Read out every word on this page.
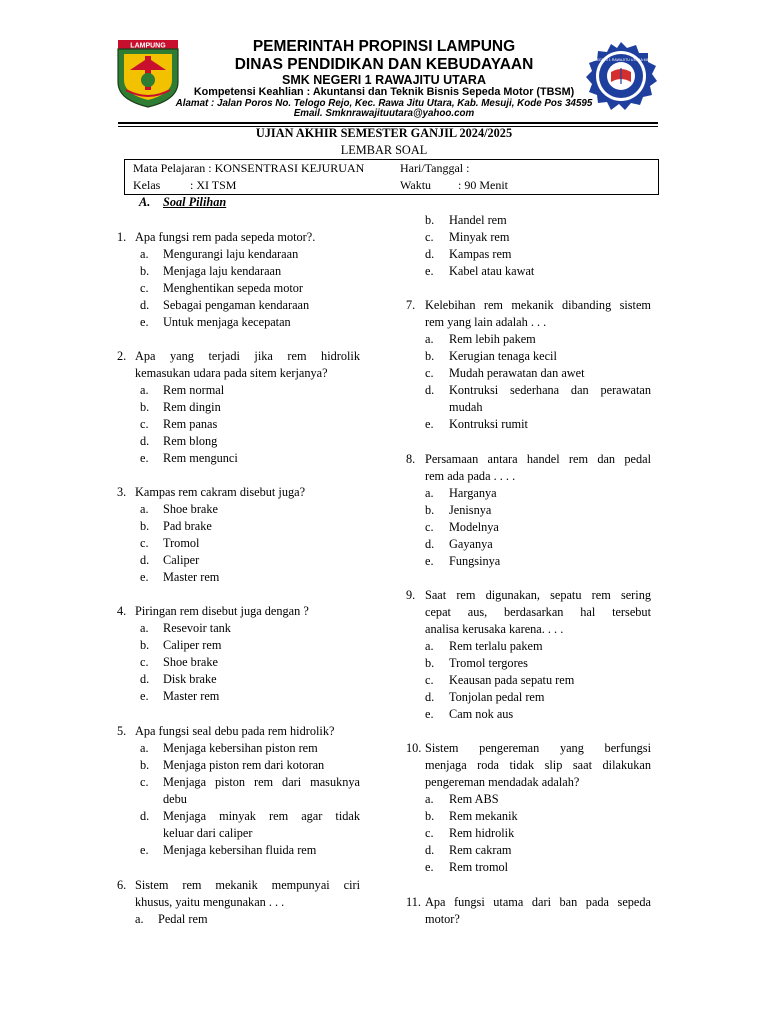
LAMPUNG
SMK NEGERI 1 RAWAJITU UTARA MESUJI
PEMERINTAH PROPINSI LAMPUNG
DINAS PENDIDIKAN DAN KEBUDAYAAN
SMK NEGERI 1 RAWAJITU UTARA
Kompetensi Keahlian : Akuntansi dan Teknik Bisnis Sepeda Motor (TBSM)
Alamat : Jalan Poros No. Telogo Rejo, Kec. Rawa Jitu Utara, Kab. Mesuji, Kode Pos 34595
Email. Smknrawajituutara@yahoo.com
UJIAN AKHIR SEMESTER GANJIL 2024/2025
LEMBAR SOAL
Mata Pelajaran : KONSENTRASI KEJURUAN	Hari/Tanggal :
Kelas : XI TSM	Waktu : 90 Menit
A. Soal Pilihan
1. Apa fungsi rem pada sepeda motor?.
a. Mengurangi laju kendaraan
b. Menjaga laju kendaraan
c. Menghentikan sepeda motor
d. Sebagai pengaman kendaraan
e. Untuk menjaga kecepatan
2. Apa yang terjadi jika rem hidrolik
kemasukan udara pada sitem kerjanya?
a. Rem normal
b. Rem dingin
c. Rem panas
d. Rem blong
e. Rem mengunci
3. Kampas rem cakram disebut juga?
a. Shoe brake
b. Pad brake
c. Tromol
d. Caliper
e. Master rem
4. Piringan rem disebut juga dengan ?
a. Resevoir tank
b. Caliper rem
c. Shoe brake
d. Disk brake
e. Master rem
5. Apa fungsi seal debu pada rem hidrolik?
a. Menjaga kebersihan piston rem
b. Menjaga piston rem dari kotoran
c. Menjaga piston rem dari masuknya
debu
d. Menjaga minyak rem agar tidak
keluar dari caliper
e. Menjaga kebersihan fluida rem
6. Sistem rem mekanik mempunyai ciri
khusus, yaitu mengunakan . . .
a. Pedal rem
b. Handel rem
c. Minyak rem
d. Kampas rem
e. Kabel atau kawat
7. Kelebihan rem mekanik dibanding sistem
rem yang lain adalah . . .
a. Rem lebih pakem
b. Kerugian tenaga kecil
c. Mudah perawatan dan awet
d. Kontruksi sederhana dan perawatan
mudah
e. Kontruksi rumit
8. Persamaan antara handel rem dan pedal
rem ada pada . . . .
a. Harganya
b. Jenisnya
c. Modelnya
d. Gayanya
e. Fungsinya
9. Saat rem digunakan, sepatu rem sering
cepat aus, berdasarkan hal tersebut
analisa kerusaka karena. . . .
a. Rem terlalu pakem
b. Tromol tergores
c. Keausan pada sepatu rem
d. Tonjolan pedal rem
e. Cam nok aus
10. Sistem pengereman yang berfungsi
menjaga roda tidak slip saat dilakukan
pengereman mendadak adalah?
a. Rem ABS
b. Rem mekanik
c. Rem hidrolik
d. Rem cakram
e. Rem tromol
11. Apa fungsi utama dari ban pada sepeda
motor?
